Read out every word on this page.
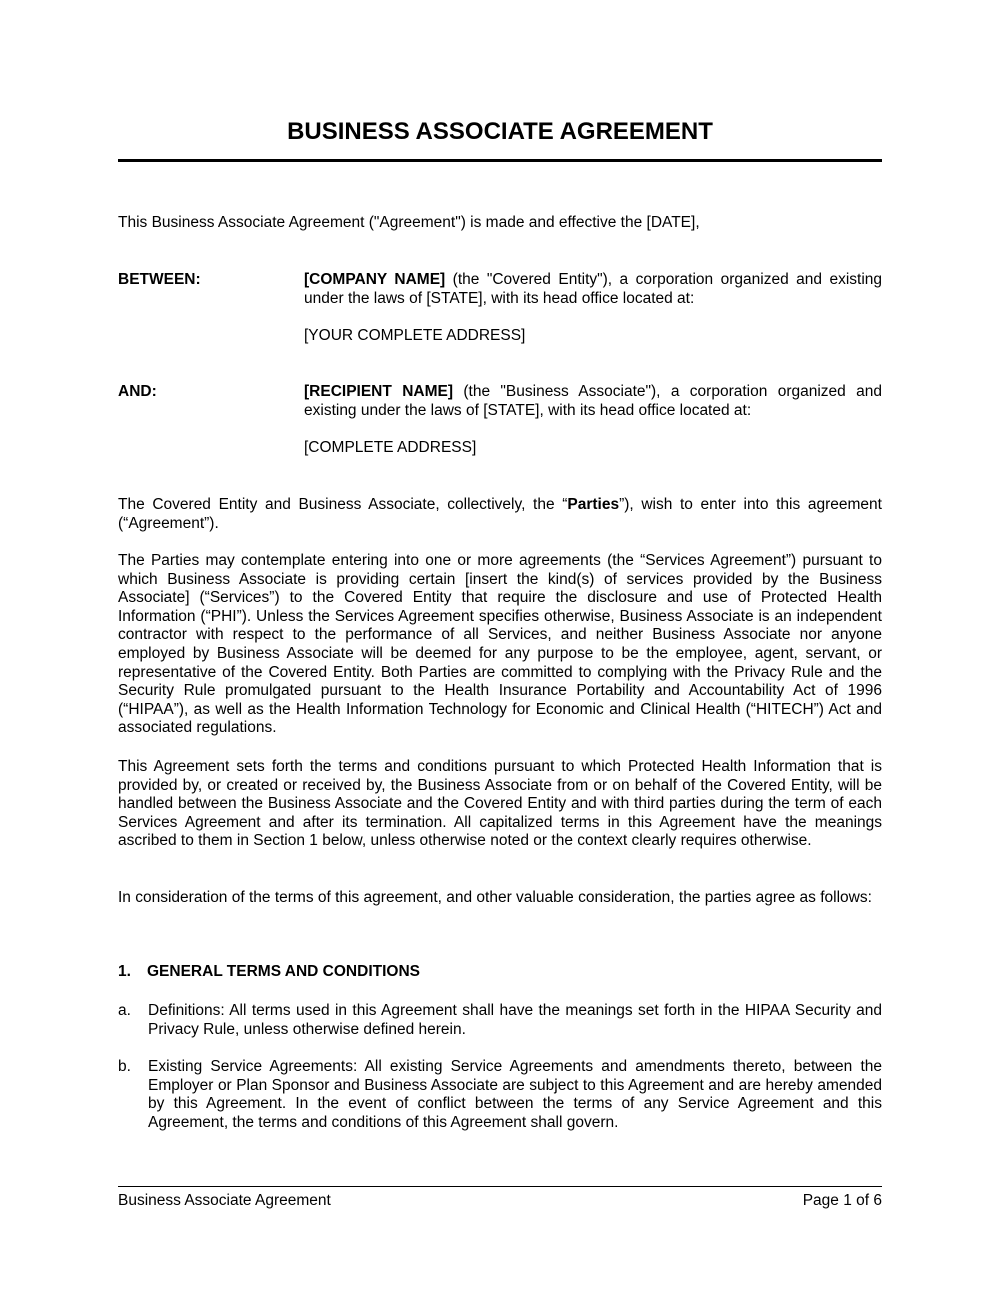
BUSINESS ASSOCIATE AGREEMENT

This Business Associate Agreement ("Agreement") is made and effective the [DATE],

BETWEEN:	[COMPANY NAME] (the "Covered Entity"), a corporation organized and existing under the laws of [STATE], with its head office located at:

[YOUR COMPLETE ADDRESS]

AND:	[RECIPIENT NAME] (the "Business Associate"), a corporation organized and existing under the laws of [STATE], with its head office located at:

[COMPLETE ADDRESS]

The Covered Entity and Business Associate, collectively, the “Parties”), wish to enter into this agreement (“Agreement”).

The Parties may contemplate entering into one or more agreements (the “Services Agreement”) pursuant to which Business Associate is providing certain [insert the kind(s) of services provided by the Business Associate] (“Services”) to the Covered Entity that require the disclosure and use of Protected Health Information (“PHI”). Unless the Services Agreement specifies otherwise, Business Associate is an independent contractor with respect to the performance of all Services, and neither Business Associate nor anyone employed by Business Associate will be deemed for any purpose to be the employee, agent, servant, or representative of the Covered Entity. Both Parties are committed to complying with the Privacy Rule and the Security Rule promulgated pursuant to the Health Insurance Portability and Accountability Act of 1996 (“HIPAA”), as well as the Health Information Technology for Economic and Clinical Health (“HITECH”) Act and associated regulations.

This Agreement sets forth the terms and conditions pursuant to which Protected Health Information that is provided by, or created or received by, the Business Associate from or on behalf of the Covered Entity, will be handled between the Business Associate and the Covered Entity and with third parties during the term of each Services Agreement and after its termination. All capitalized terms in this Agreement have the meanings ascribed to them in Section 1 below, unless otherwise noted or the context clearly requires otherwise.

In consideration of the terms of this agreement, and other valuable consideration, the parties agree as follows:

1. GENERAL TERMS AND CONDITIONS

a. Definitions: All terms used in this Agreement shall have the meanings set forth in the HIPAA Security and Privacy Rule, unless otherwise defined herein.

b. Existing Service Agreements: All existing Service Agreements and amendments thereto, between the Employer or Plan Sponsor and Business Associate are subject to this Agreement and are hereby amended by this Agreement. In the event of conflict between the terms of any Service Agreement and this Agreement, the terms and conditions of this Agreement shall govern.

Business Associate Agreement	Page 1 of 6
